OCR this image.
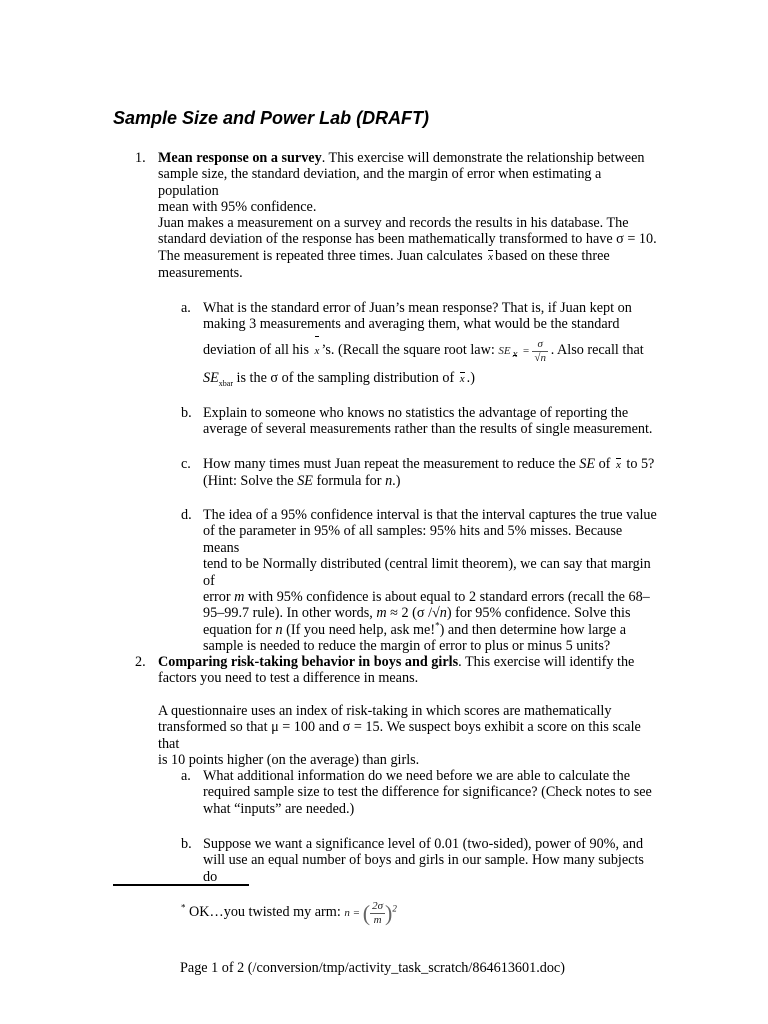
Sample Size and Power Lab (DRAFT)
1. Mean response on a survey. This exercise will demonstrate the relationship between
sample size, the standard deviation, and the margin of error when estimating a population
mean with 95% confidence.
Juan makes a measurement on a survey and records the results in his database. The
standard deviation of the response has been mathematically transformed to have σ = 10.
The measurement is repeated three times. Juan calculates x based on these three
measurements.
a. What is the standard error of Juan’s mean response? That is, if Juan kept on
making 3 measurements and averaging them, what would be the standard
deviation of all his x ’s. (Recall the square root law: SE $_x = \frac{\sigma}{√n}$ . Also recall that
$SE_{xbar}$ is the σ of the sampling distribution of x .)
b. Explain to someone who knows no statistics the advantage of reporting the
average of several measurements rather than the results of single measurement.
c. How many times must Juan repeat the measurement to reduce the SE of x to 5?
(Hint: Solve the SE formula for n.)
d. The idea of a 95% confidence interval is that the interval captures the true value
of the parameter in 95% of all samples: 95% hits and 5% misses. Because means
tend to be Normally distributed (central limit theorem), we can say that margin of
error m with 95% confidence is about equal to 2 standard errors (recall the 68–
95–99.7 rule). In other words, m ≈ 2 (σ /√n) for 95% confidence. Solve this
equation for n (If you need help, ask me!*) and then determine how large a
sample is needed to reduce the margin of error to plus or minus 5 units?
2. Comparing risk-taking behavior in boys and girls. This exercise will identify the
factors you need to test a difference in means.
A questionnaire uses an index of risk-taking in which scores are mathematically
transformed so that μ = 100 and σ = 15. We suspect boys exhibit a score on this scale that
is 10 points higher (on the average) than girls.
a. What additional information do we need before we are able to calculate the
required sample size to test the difference for significance? (Check notes to see
what “inputs” are needed.)
b. Suppose we want a significance level of 0.01 (two-sided), power of 90%, and
will use an equal number of boys and girls in our sample. How many subjects do
* OK…you twisted my arm: n = ( $\frac{2\sigma}{m} )^2$
Page 1 of 2 (/conversion/tmp/activity_task_scratch/864613601.doc)
